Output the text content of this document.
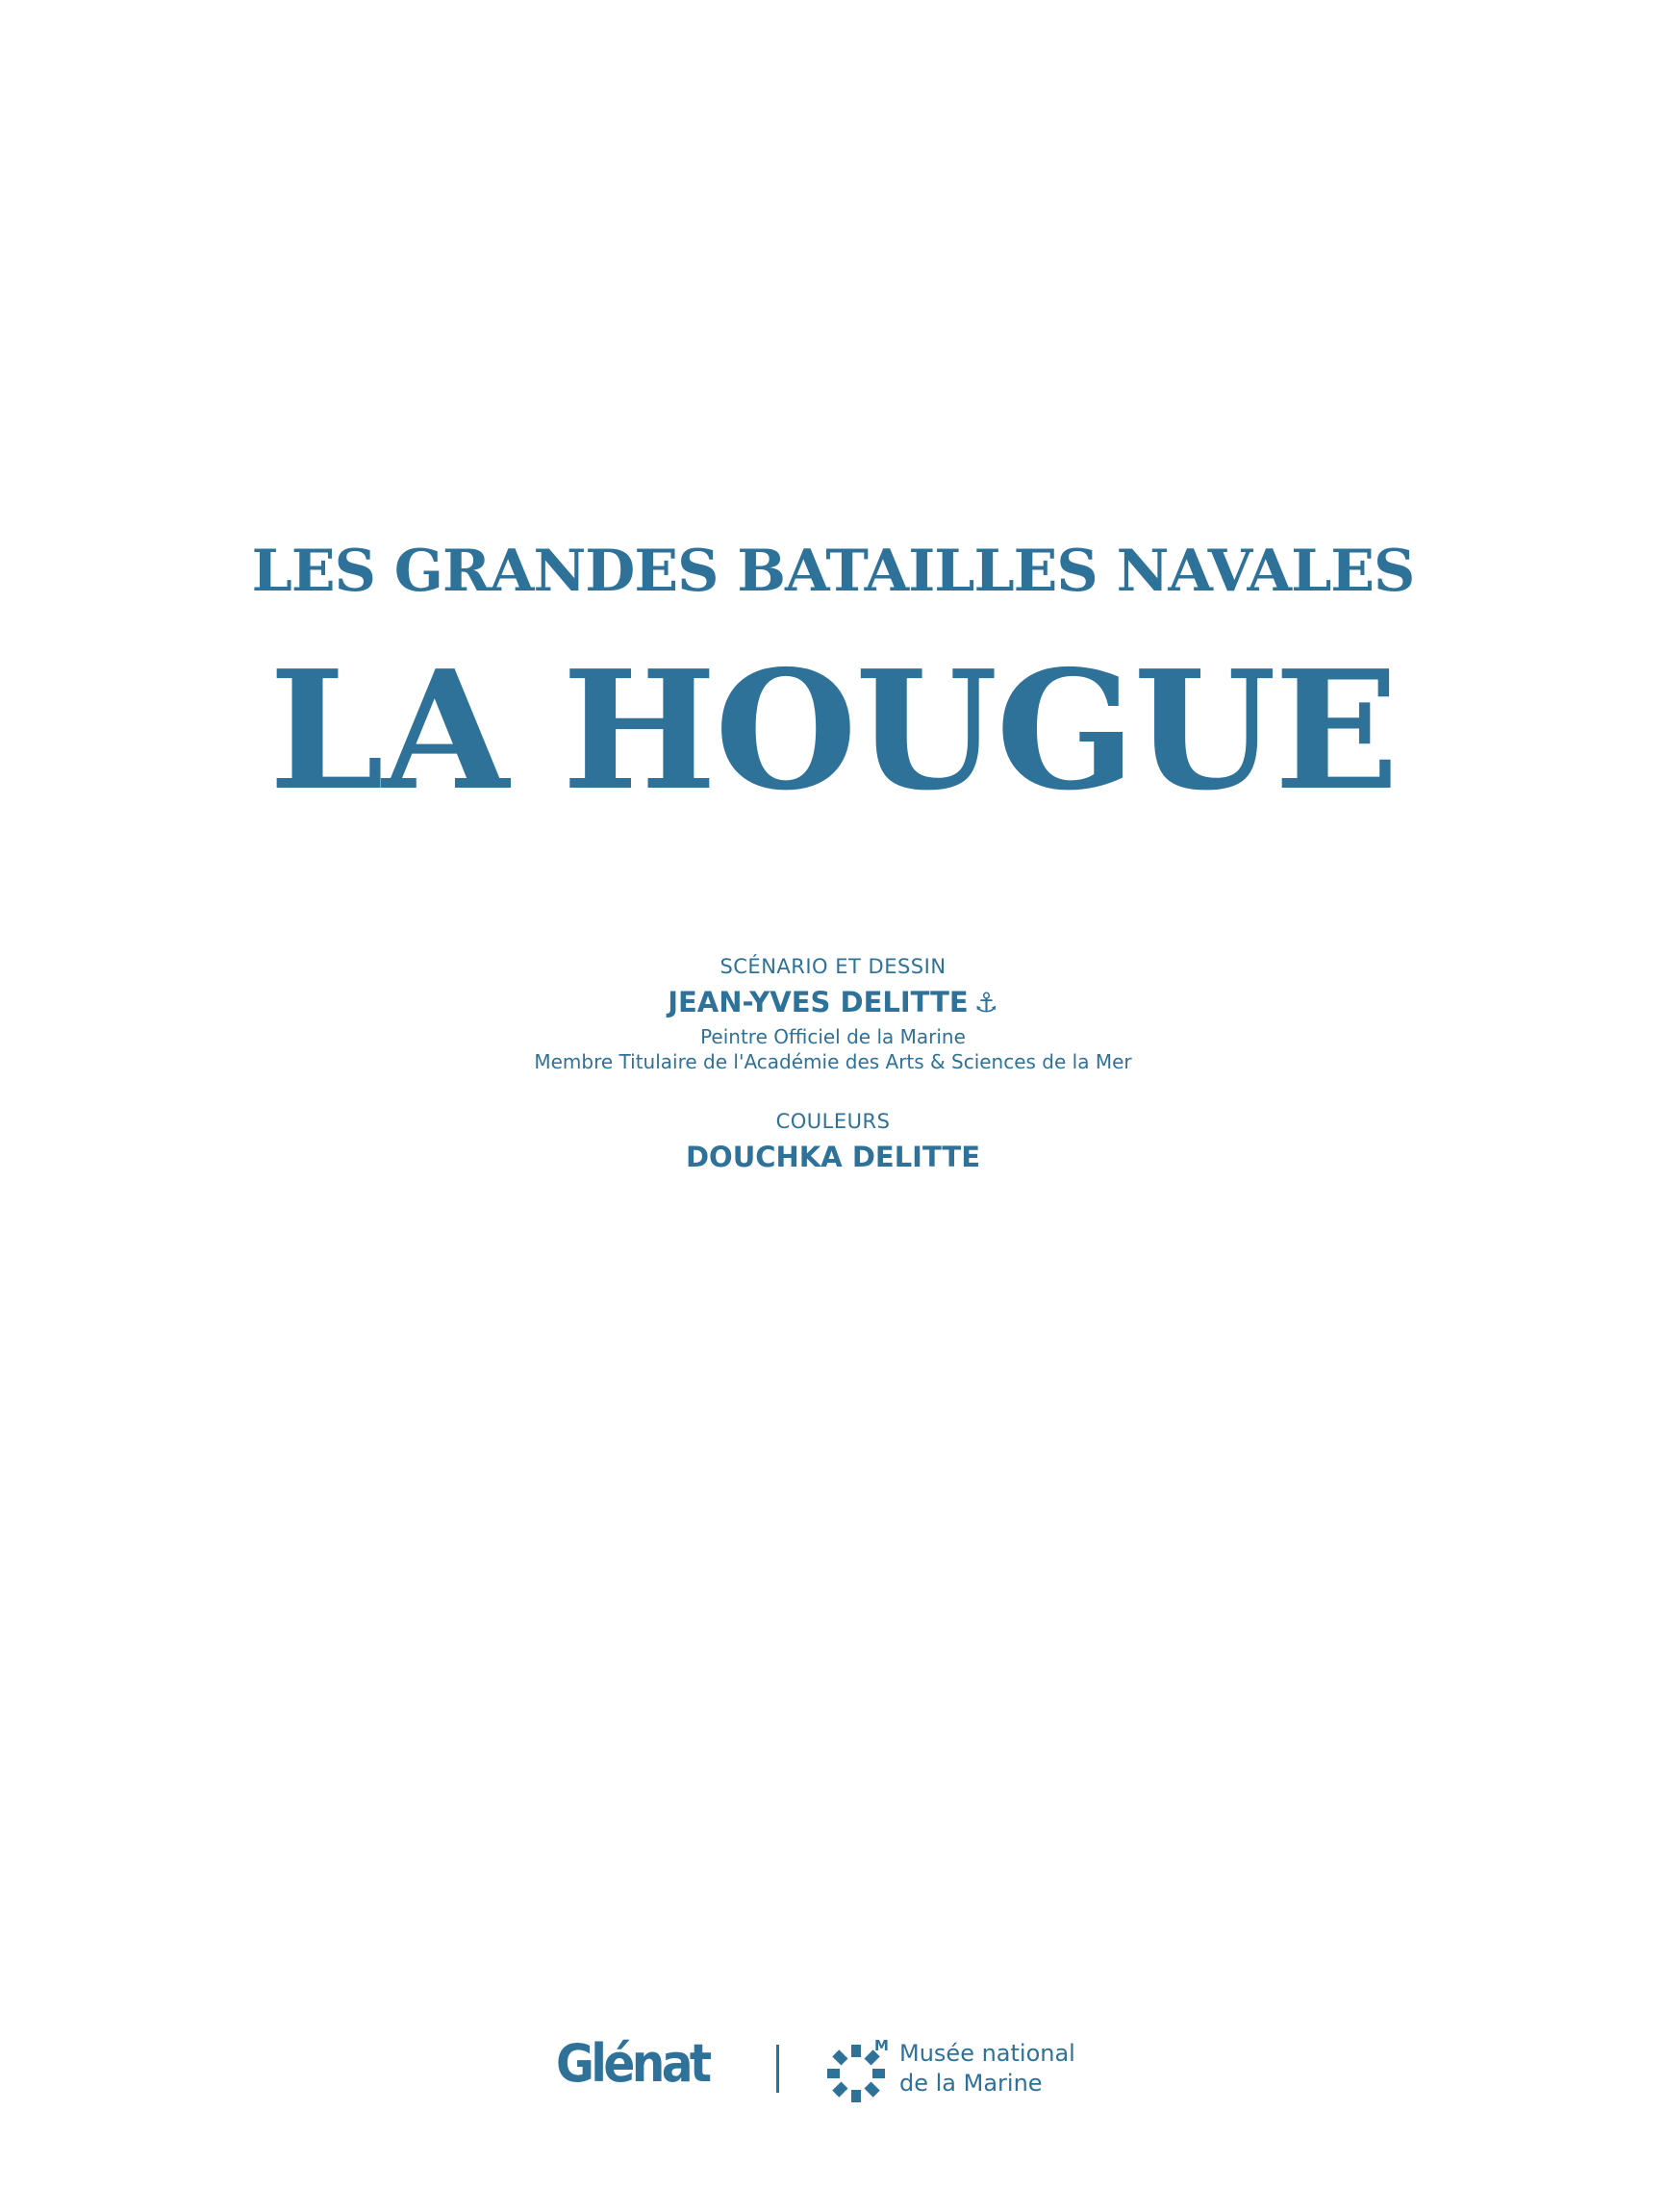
LES GRANDES BATAILLES NAVALES
LA HOUGUE

SCÉNARIO ET DESSIN

JEAN-YVES DELITTE ⚓

Peintre Officiel de la Marine

Membre Titulaire de l'Académie des Arts & Sciences de la Mer

COULEURS

DOUCHKA DELITTE

Glénat	M Musée national
de la Marine
